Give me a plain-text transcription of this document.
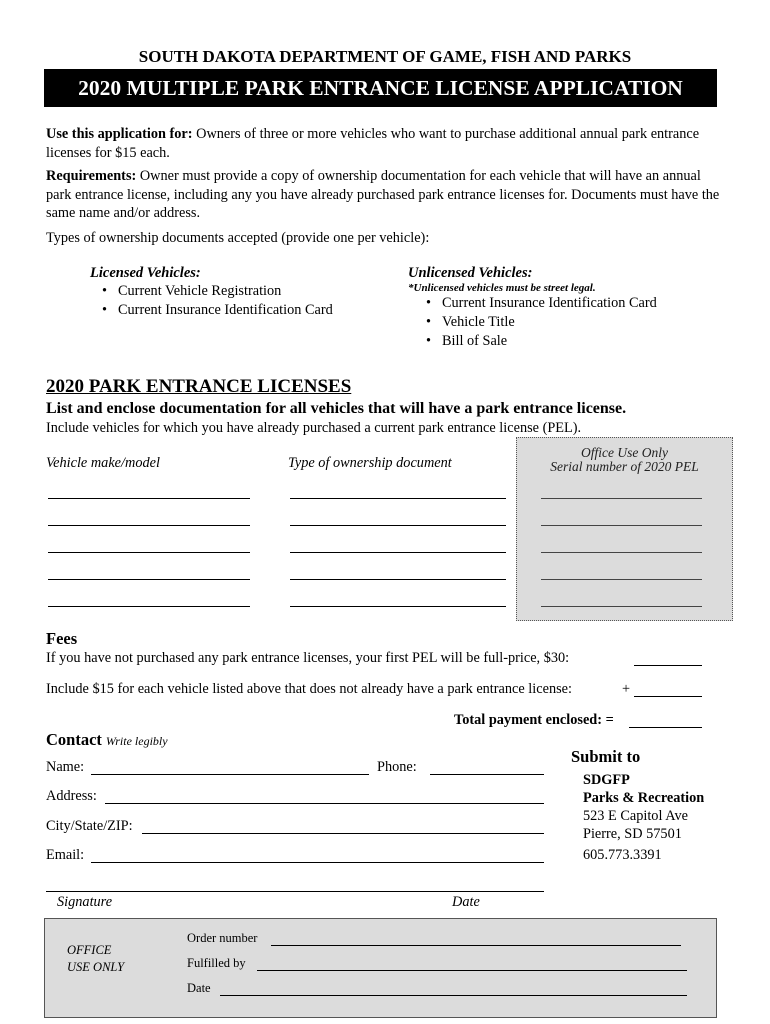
SOUTH DAKOTA DEPARTMENT OF GAME, FISH AND PARKS
2020 MULTIPLE PARK ENTRANCE LICENSE APPLICATION
Use this application for: Owners of three or more vehicles who want to purchase additional annual park entrance licenses for $15 each.
Requirements: Owner must provide a copy of ownership documentation for each vehicle that will have an annual park entrance license, including any you have already purchased park entrance licenses for. Documents must have the same name and/or address.
Types of ownership documents accepted (provide one per vehicle):
Licensed Vehicles:
• Current Vehicle Registration
• Current Insurance Identification Card
Unlicensed Vehicles:
*Unlicensed vehicles must be street legal.
• Current Insurance Identification Card
• Vehicle Title
• Bill of Sale
2020 PARK ENTRANCE LICENSES
List and enclose documentation for all vehicles that will have a park entrance license.
Include vehicles for which you have already purchased a current park entrance license (PEL).
Office Use Only
Serial number of 2020 PEL
Vehicle make/model	Type of ownership document
Fees
If you have not purchased any park entrance licenses, your first PEL will be full-price, $30:
Include $15 for each vehicle listed above that does not already have a park entrance license:	+
Total payment enclosed: =
Contact Write legibly
Name:	Phone:
Address:
City/State/ZIP:
Email:
Signature	Date
Submit to
SDGFP
Parks & Recreation
523 E Capitol Ave
Pierre, SD 57501
605.773.3391
OFFICE
USE ONLY
Order number
Fulfilled by
Date
